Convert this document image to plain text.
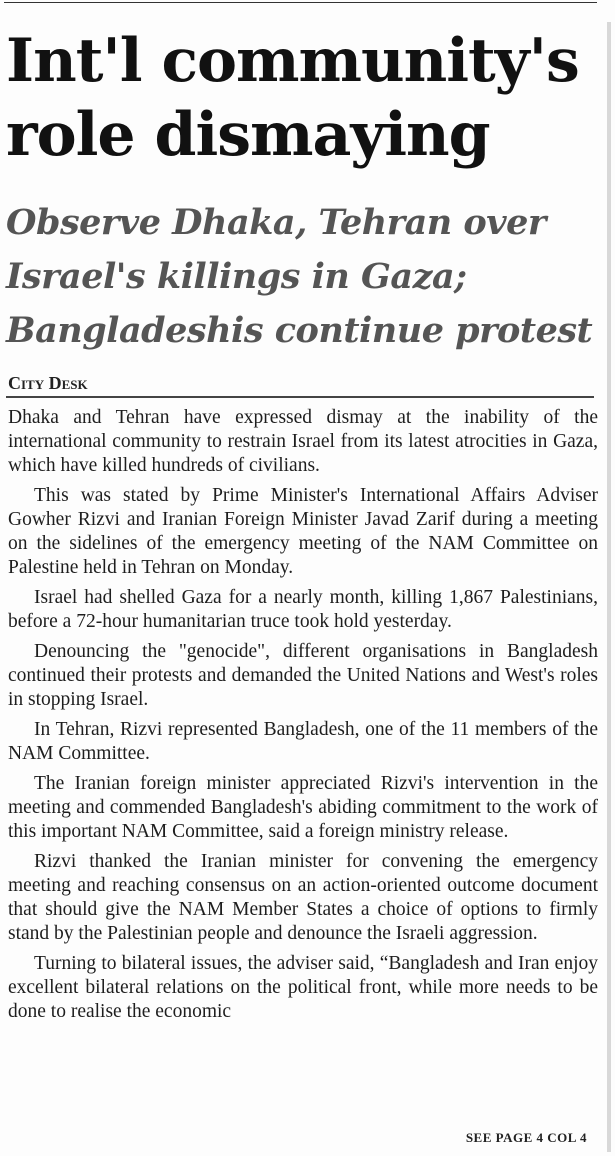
Int'l community's role dismaying
Observe Dhaka, Tehran over Israel's killings in Gaza; Bangladeshis continue protest
City Desk

Dhaka and Tehran have expressed dismay at the inability of the international community to restrain Israel from its latest atrocities in Gaza, which have killed hundreds of civilians.

This was stated by Prime Minister's International Affairs Adviser Gowher Rizvi and Iranian Foreign Minister Javad Zarif during a meeting on the sidelines of the emergency meeting of the NAM Committee on Palestine held in Tehran on Monday.

Israel had shelled Gaza for a nearly month, killing 1,867 Palestinians, before a 72-hour humanitarian truce took hold yesterday.

Denouncing the "genocide", different organisations in Bangladesh continued their protests and demanded the United Nations and West's roles in stopping Israel.

In Tehran, Rizvi represented Bangladesh, one of the 11 members of the NAM Committee.

The Iranian foreign minister appreciated Rizvi's intervention in the meeting and commended Bangladesh's abiding commitment to the work of this important NAM Committee, said a foreign ministry release.

Rizvi thanked the Iranian minister for convening the emergency meeting and reaching consensus on an action-oriented outcome document that should give the NAM Member States a choice of options to firmly stand by the Palestinian people and denounce the Israeli aggression.

Turning to bilateral issues, the adviser said, “Bangladesh and Iran enjoy excellent bilateral relations on the political front, while more needs to be done to realise the economic

SEE PAGE 4 COL 4
